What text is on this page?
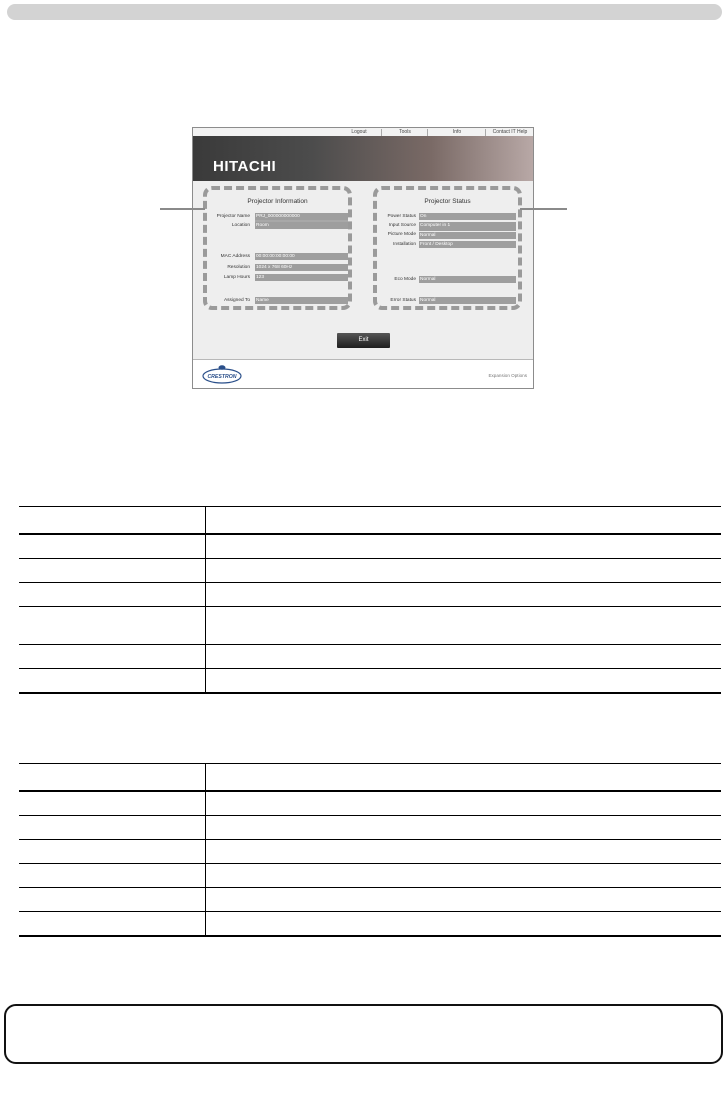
Logout	Tools	Info	Contact IT Help
HITACHI
Projector Information
Projector Name PRJ_000000000000
Location Room
MAC Address 00:00:00:00:00:00
Resolution 1024 x 768 60Hz
Lamp Hours 123
Assigned To Name
Projector Status
Power Status On
Input Source Computer in 1
Picture Mode Normal
Installation Front / Desktop
Eco Mode Normal
Error Status Normal
Exit
CRESTRON	Expansion Options
